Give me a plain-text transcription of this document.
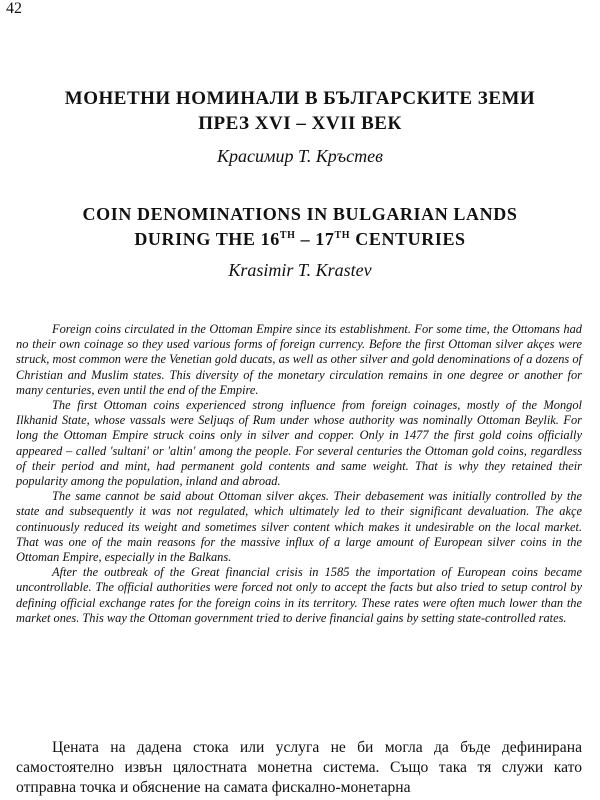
42
МОНЕТНИ НОМИНАЛИ В БЪЛГАРСКИТЕ ЗЕМИ
ПРЕЗ XVI – XVII ВЕК
Красимир Т. Кръстев
COIN DENOMINATIONS IN BULGARIAN LANDS
DURING THE 16TH – 17TH CENTURIES
Krasimir T. Krastev

Foreign coins circulated in the Ottoman Empire since its establishment. For some time, the Ottomans had no their own coinage so they used various forms of foreign currency. Before the first Ottoman silver akçes were struck, most common were the Venetian gold ducats, as well as other silver and gold denominations of a dozens of Christian and Muslim states. This diversity of the monetary circulation remains in one degree or another for many centuries, even until the end of the Empire.

The first Ottoman coins experienced strong influence from foreign coinages, mostly of the Mongol Ilkhanid State, whose vassals were Seljuqs of Rum under whose authority was nominally Ottoman Beylik. For long the Ottoman Empire struck coins only in silver and copper. Only in 1477 the first gold coins officially appeared – called 'sultani' or 'altin' among the people. For several centuries the Ottoman gold coins, regardless of their period and mint, had permanent gold contents and same weight. That is why they retained their popularity among the population, inland and abroad.

The same cannot be said about Ottoman silver akçes. Their debasement was initially controlled by the state and subsequently it was not regulated, which ultimately led to their significant devaluation. The akçe continuously reduced its weight and sometimes silver content which makes it undesirable on the local market. That was one of the main reasons for the massive influx of a large amount of European silver coins in the Ottoman Empire, especially in the Balkans.

After the outbreak of the Great financial crisis in 1585 the importation of European coins became uncontrollable. The official authorities were forced not only to accept the facts but also tried to setup control by defining official exchange rates for the foreign coins in its territory. These rates were often much lower than the market ones. This way the Ottoman government tried to derive financial gains by setting state-controlled rates.

Цената на дадена стока или услуга не би могла да бъде дефинирана самостоятелно извън цялостната монетна система. Също така тя служи като отправна точка и обяснение на самата фискално-монетарна
